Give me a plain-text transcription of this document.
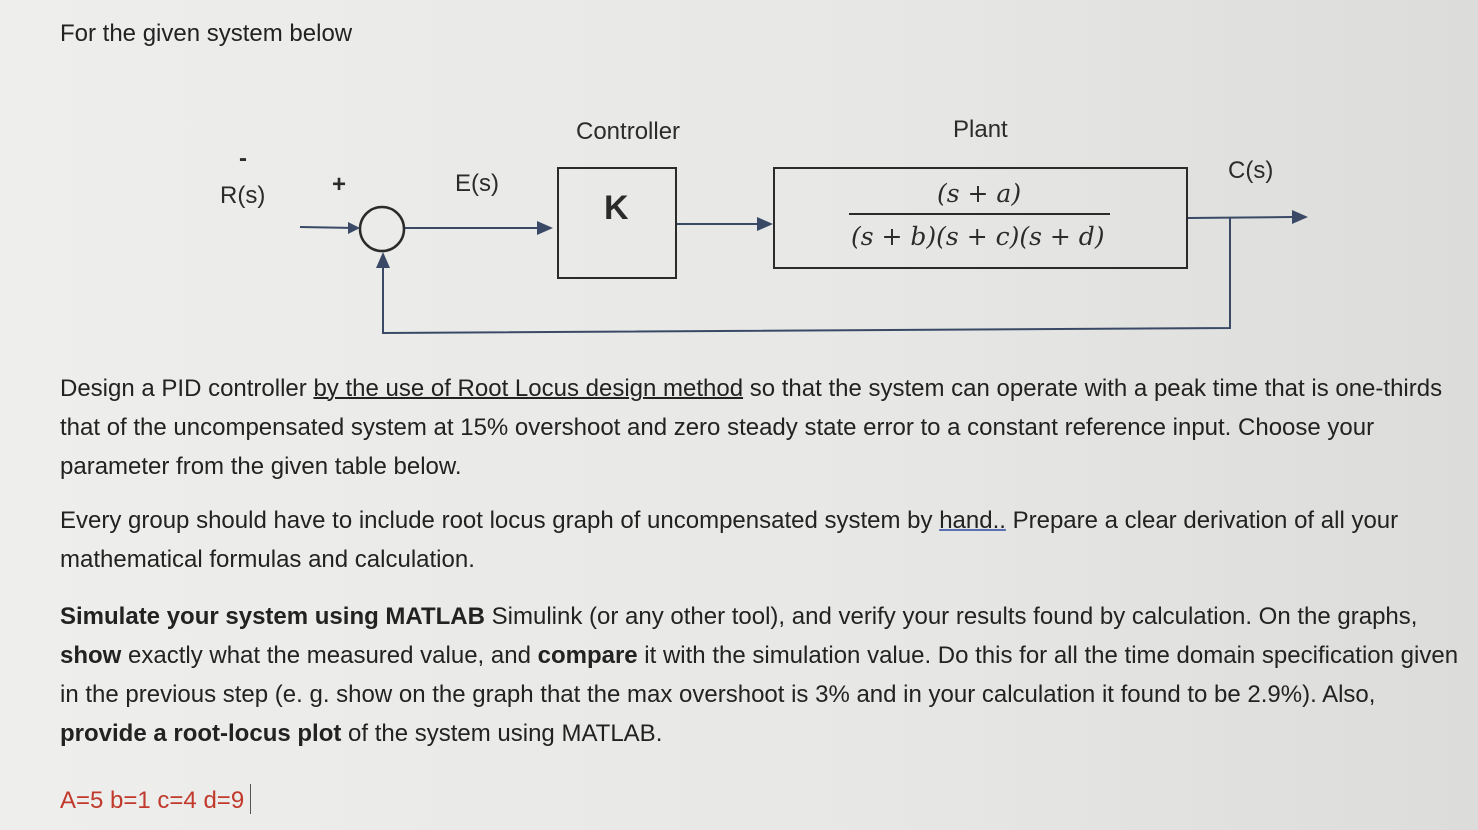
For the given system below
R(s)
-
+	E(s)
Controller	Plant
C(s)
K	(s + a)
(s + b)(s + c)(s + d)
Design a PID controller by the use of Root Locus design method so that the system can operate with a peak time that is one-thirds that of the uncompensated system at 15% overshoot and zero steady state error to a constant reference input. Choose your parameter from the given table below.
Every group should have to include root locus graph of uncompensated system by hand.. Prepare a clear derivation of all your mathematical formulas and calculation.
Simulate your system using MATLAB Simulink (or any other tool), and verify your results found by calculation. On the graphs, show exactly what the measured value, and compare it with the simulation value. Do this for all the time domain specification given in the previous step (e. g. show on the graph that the max overshoot is 3% and in your calculation it found to be 2.9%). Also, provide a root-locus plot of the system using MATLAB.
A=5 b=1 c=4 d=9
